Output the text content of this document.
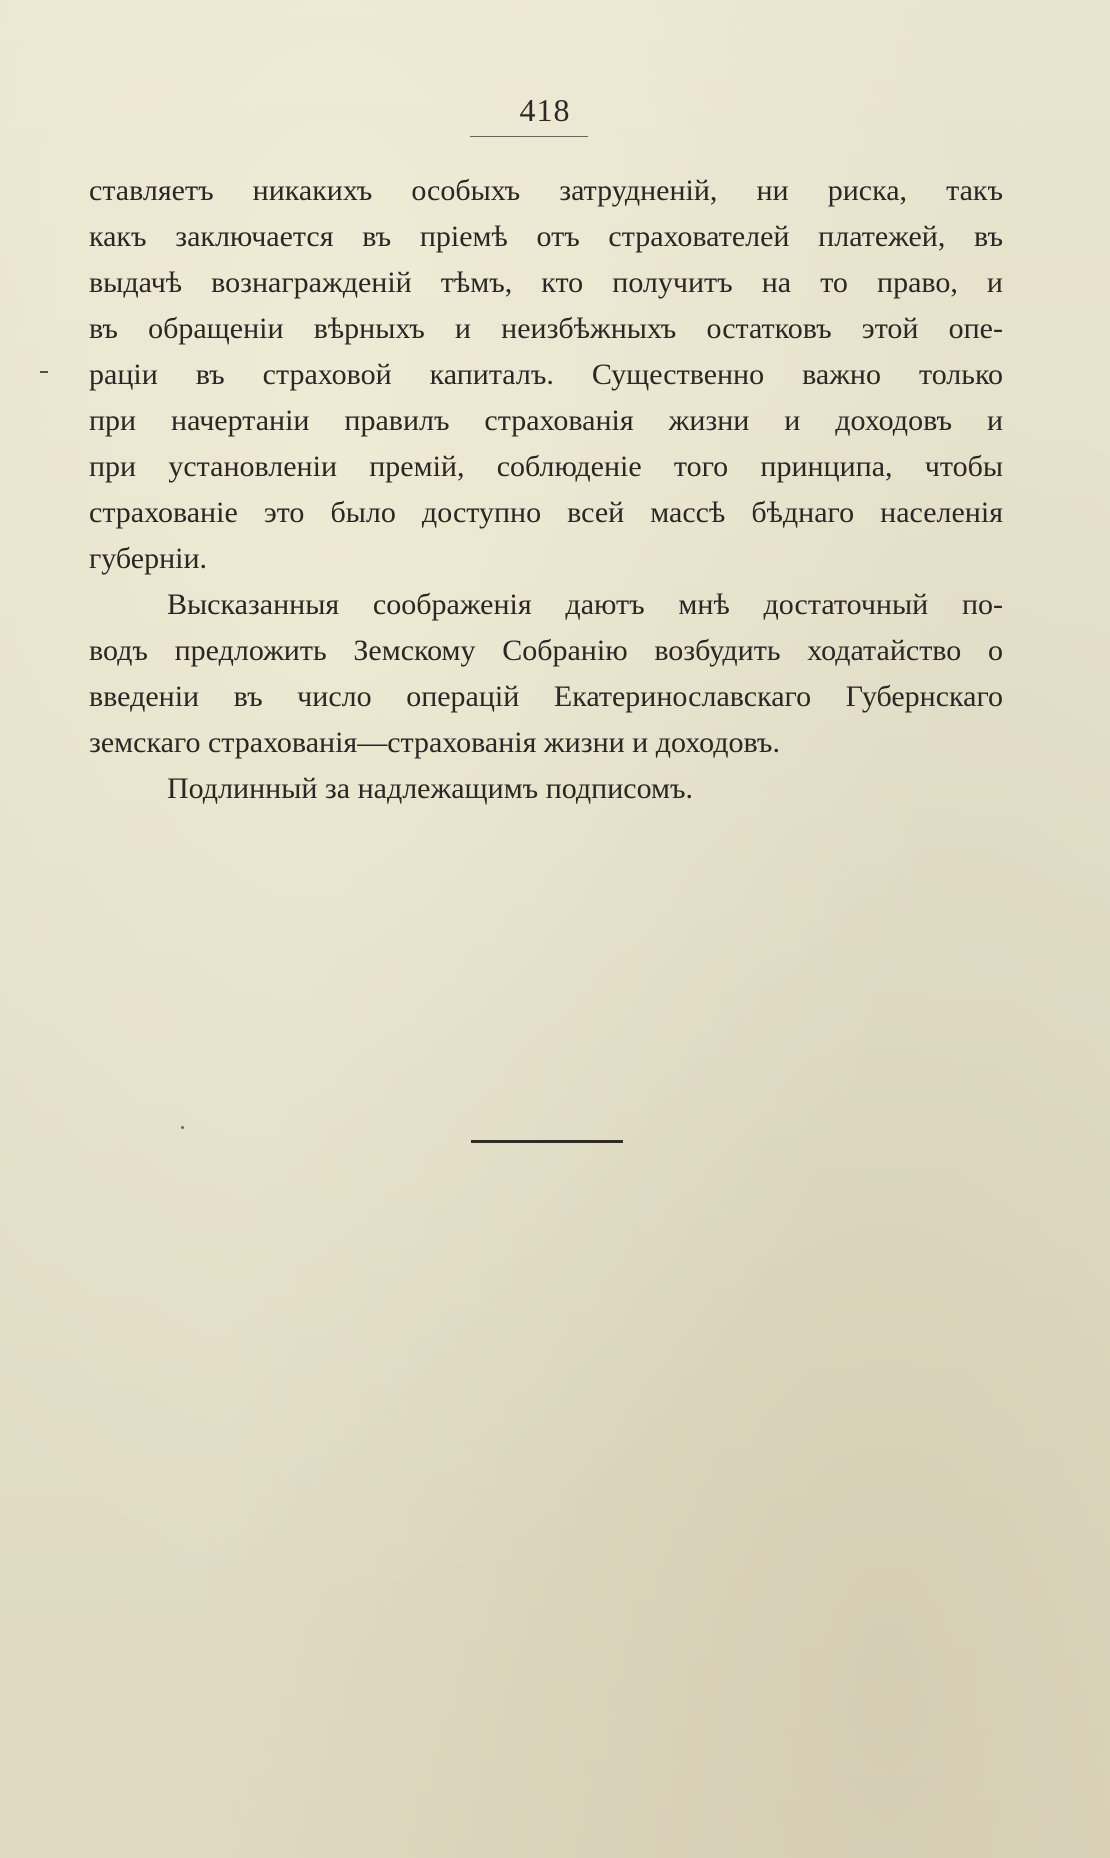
418
ставляетъ никакихъ особыхъ затрудненій, ни риска, такъ
какъ заключается въ пріемѣ отъ страхователей платежей, въ
выдачѣ вознагражденій тѣмъ, кто получитъ на то право, и
въ обращеніи вѣрныхъ и неизбѣжныхъ остатковъ этой опе-
раціи въ страховой капиталъ. Существенно важно только
при начертаніи правилъ страхованія жизни и доходовъ и
при установленіи премій, соблюденіе того принципа, чтобы
страхованіе это было доступно всей массѣ бѣднаго населенія
губерніи.
Высказанныя соображенія даютъ мнѣ достаточный по-
водъ предложить Земскому Собранію возбудить ходатайство о
введеніи въ число операцій Екатеринославскаго Губернскаго
земскаго страхованія—страхованія жизни и доходовъ.
Подлинный за надлежащимъ подписомъ.
